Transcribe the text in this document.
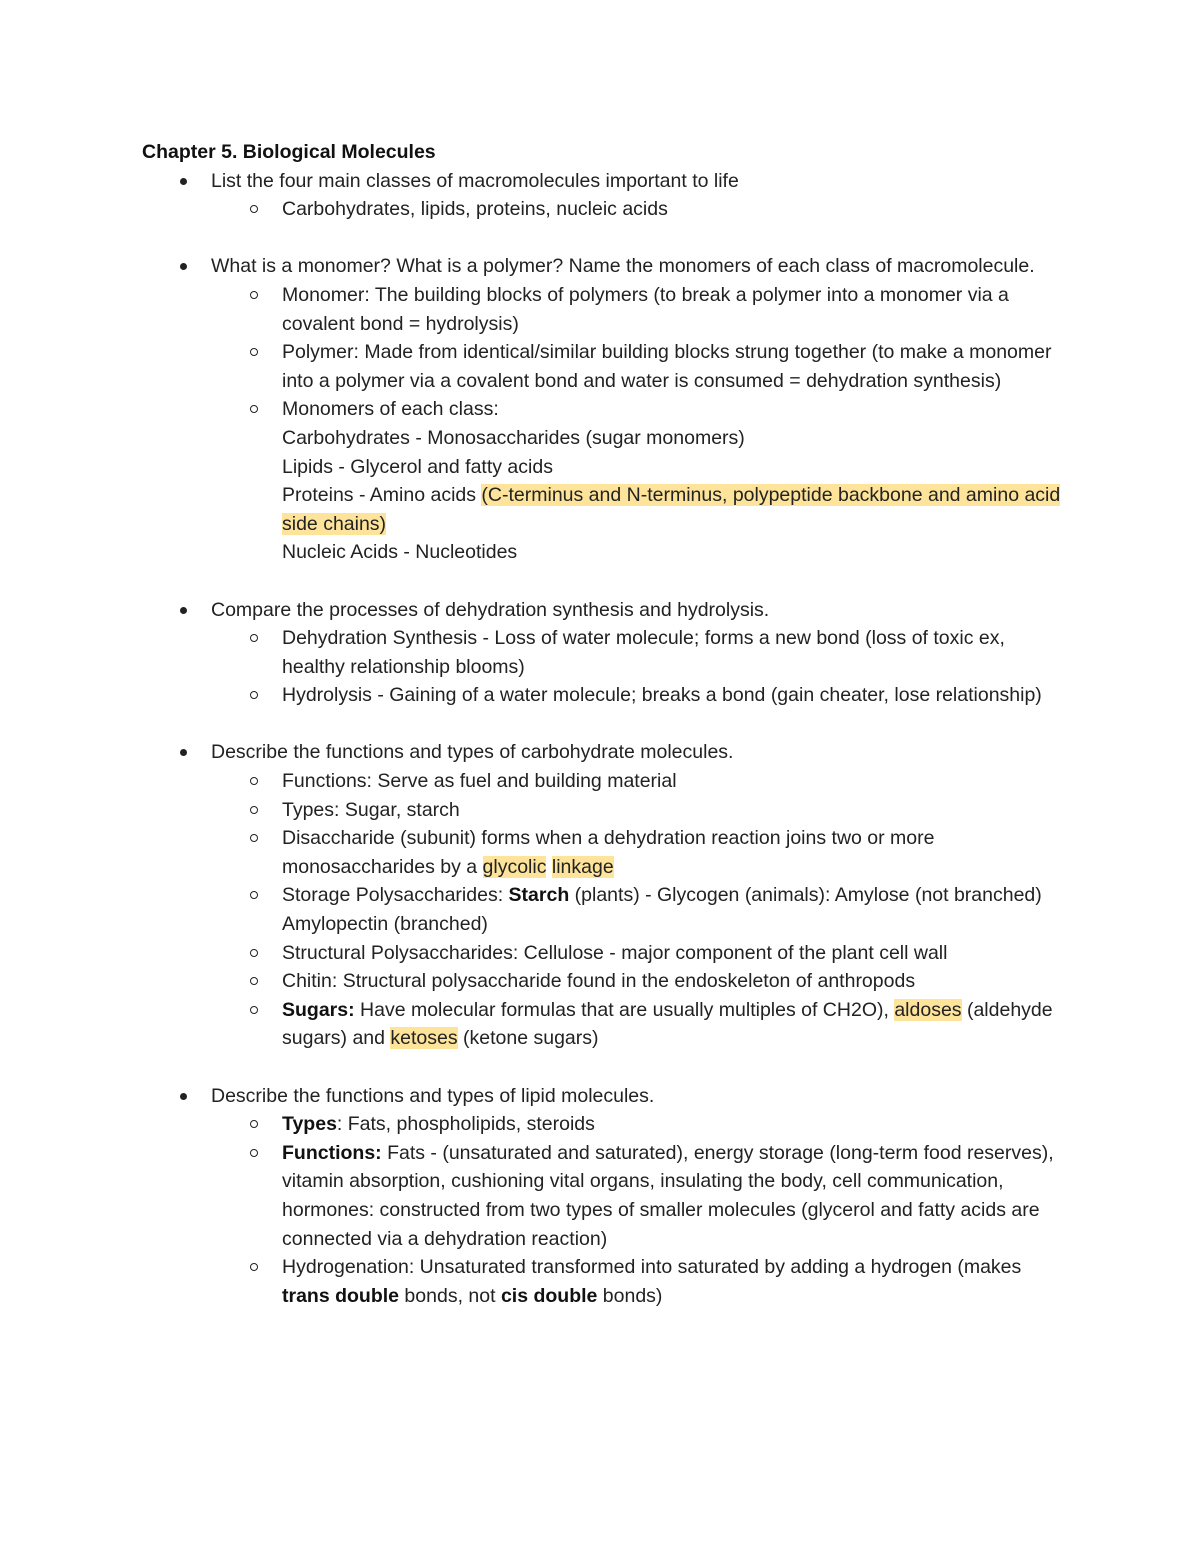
Chapter 5. Biological Molecules
List the four main classes of macromolecules important to life
Carbohydrates, lipids, proteins, nucleic acids
What is a monomer? What is a polymer? Name the monomers of each class of macromolecule.
Monomer: The building blocks of polymers (to break a polymer into a monomer via a covalent bond = hydrolysis)
Polymer: Made from identical/similar building blocks strung together (to make a monomer into a polymer via a covalent bond and water is consumed = dehydration synthesis)
Monomers of each class:
Carbohydrates - Monosaccharides (sugar monomers)
Lipids - Glycerol and fatty acids
Proteins - Amino acids (C-terminus and N-terminus, polypeptide backbone and amino acid side chains)
Nucleic Acids - Nucleotides
Compare the processes of dehydration synthesis and hydrolysis.
Dehydration Synthesis - Loss of water molecule; forms a new bond (loss of toxic ex, healthy relationship blooms)
Hydrolysis - Gaining of a water molecule; breaks a bond (gain cheater, lose relationship)
Describe the functions and types of carbohydrate molecules.
Functions: Serve as fuel and building material
Types: Sugar, starch
Disaccharide (subunit) forms when a dehydration reaction joins two or more monosaccharides by a glycolic linkage
Storage Polysaccharides: Starch (plants) - Glycogen (animals): Amylose (not branched) Amylopectin (branched)
Structural Polysaccharides: Cellulose - major component of the plant cell wall
Chitin: Structural polysaccharide found in the endoskeleton of anthropods
Sugars: Have molecular formulas that are usually multiples of CH2O), aldoses (aldehyde sugars) and ketoses (ketone sugars)
Describe the functions and types of lipid molecules.
Types: Fats, phospholipids, steroids
Functions: Fats - (unsaturated and saturated), energy storage (long-term food reserves), vitamin absorption, cushioning vital organs, insulating the body, cell communication, hormones: constructed from two types of smaller molecules (glycerol and fatty acids are connected via a dehydration reaction)
Hydrogenation: Unsaturated transformed into saturated by adding a hydrogen (makes trans double bonds, not cis double bonds)
